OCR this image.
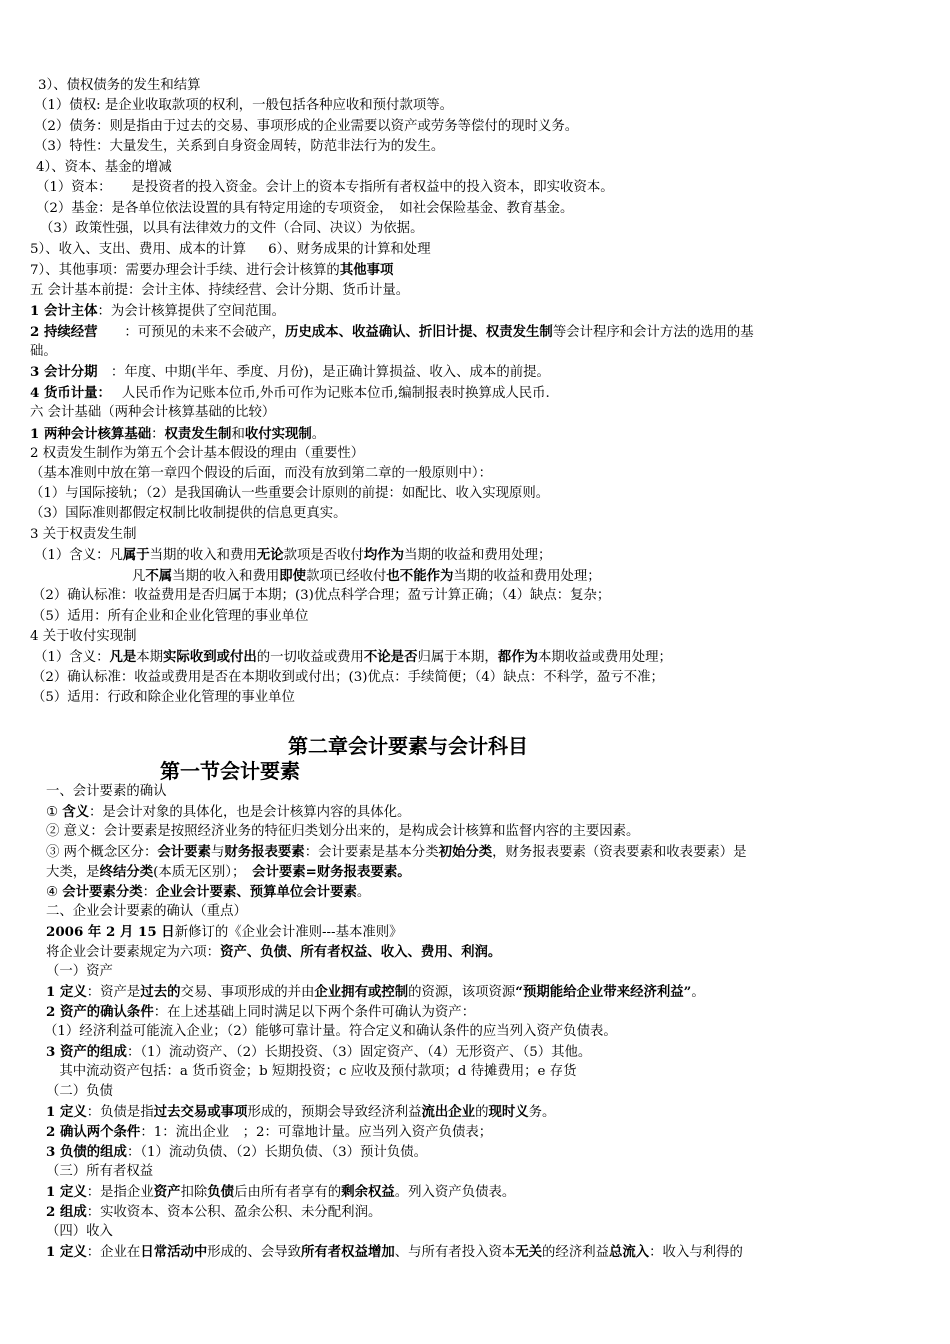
3）、债权债务的发生和结算
（1）债权: 是企业收取款项的权利，一般包括各种应收和预付款项等。
（2）债务：则是指由于过去的交易、事项形成的企业需要以资产或劳务等偿付的现时义务。
（3）特性：大量发生，关系到自身资金周转，防范非法行为的发生。
4）、资本、基金的增减
（1）资本：　　是投资者的投入资金。会计上的资本专指所有者权益中的投入资本，即实收资本。
（2）基金：是各单位依法设置的具有特定用途的专项资金，　如社会保险基金、教育基金。
（3）政策性强，以具有法律效力的文件（合同、决议）为依据。
5）、收入、支出、费用、成本的计算 6）、财务成果的计算和处理
7）、其他事项：需要办理会计手续、进行会计核算的其他事项
五 会计基本前提：会计主体、持续经营、会计分期、货币计量。
1 会计主体：为会计核算提供了空间范围。
2 持续经营　　：可预见的未来不会破产，历史成本、收益确认、折旧计提、权责发生制等会计程序和会计方法的选用的基
础。
3 会计分期　：年度、中期(半年、季度、月份)，是正确计算损益、收入、成本的前提。
4 货币计量：　 人民币作为记账本位币,外币可作为记账本位币,编制报表时换算成人民币.
六 会计基础（两种会计核算基础的比较）
1 两种会计核算基础：权责发生制和收付实现制。
2 权责发生制作为第五个会计基本假设的理由（重要性）
（基本准则中放在第一章四个假设的后面，而没有放到第二章的一般原则中）：
（1）与国际接轨；（2）是我国确认一些重要会计原则的前提：如配比、收入实现原则。
（3）国际准则都假定权制比收制提供的信息更真实。
3 关于权责发生制
（1）含义：凡属于当期的收入和费用无论款项是否收付均作为当期的收益和费用处理；
凡不属当期的收入和费用即使款项已经收付也不能作为当期的收益和费用处理；
（2）确认标准：收益费用是否归属于本期；(3)优点科学合理；盈亏计算正确；（4）缺点：复杂；
（5）适用：所有企业和企业化管理的事业单位
4 关于收付实现制
（1）含义：凡是本期实际收到或付出的一切收益或费用不论是否归属于本期，都作为本期收益或费用处理；
（2）确认标准：收益或费用是否在本期收到或付出；(3)优点：手续简便；（4）缺点：不科学，盈亏不准；
（5）适用：行政和除企业化管理的事业单位
第二章会计要素与会计科目
第一节会计要素
一、会计要素的确认
① 含义：是会计对象的具体化，也是会计核算内容的具体化。
② 意义：会计要素是按照经济业务的特征归类划分出来的，是构成会计核算和监督内容的主要因素。
③ 两个概念区分：会计要素与财务报表要素：会计要素是基本分类初始分类，财务报表要素（资表要素和收表要素）是
大类，是终结分类(本质无区别）；　会计要素=财务报表要素。
④ 会计要素分类：企业会计要素、预算单位会计要素。
二、企业会计要素的确认（重点）
2006 年 2 月 15 日新修订的《企业会计准则---基本准则》
将企业会计要素规定为六项：资产、负债、所有者权益、收入、费用、利润。
（一）资产
1 定义：资产是过去的交易、事项形成的并由企业拥有或控制的资源，该项资源“预期能给企业带来经济利益”。
2 资产的确认条件：在上述基础上同时满足以下两个条件可确认为资产：
（1）经济利益可能流入企业；（2）能够可靠计量。符合定义和确认条件的应当列入资产负债表。
3 资产的组成：（1）流动资产、（2）长期投资、（3）固定资产、（4）无形资产、（5）其他。
　其中流动资产包括：a 货币资金；b 短期投资；c 应收及预付款项；d 待摊费用；e 存货
（二）负债
1 定义：负债是指过去交易或事项形成的，预期会导致经济利益流出企业的现时义务。
2 确认两个条件：1：流出企业　；2：可靠地计量。应当列入资产负债表；
3 负债的组成：（1）流动负债、（2）长期负债、（3）预计负债。
（三）所有者权益
1 定义：是指企业资产扣除负债后由所有者享有的剩余权益。列入资产负债表。
2 组成：实收资本、资本公积、盈余公积、未分配利润。
（四）收入
1 定义：企业在日常活动中形成的、会导致所有者权益增加、与所有者投入资本无关的经济利益总流入：收入与利得的
